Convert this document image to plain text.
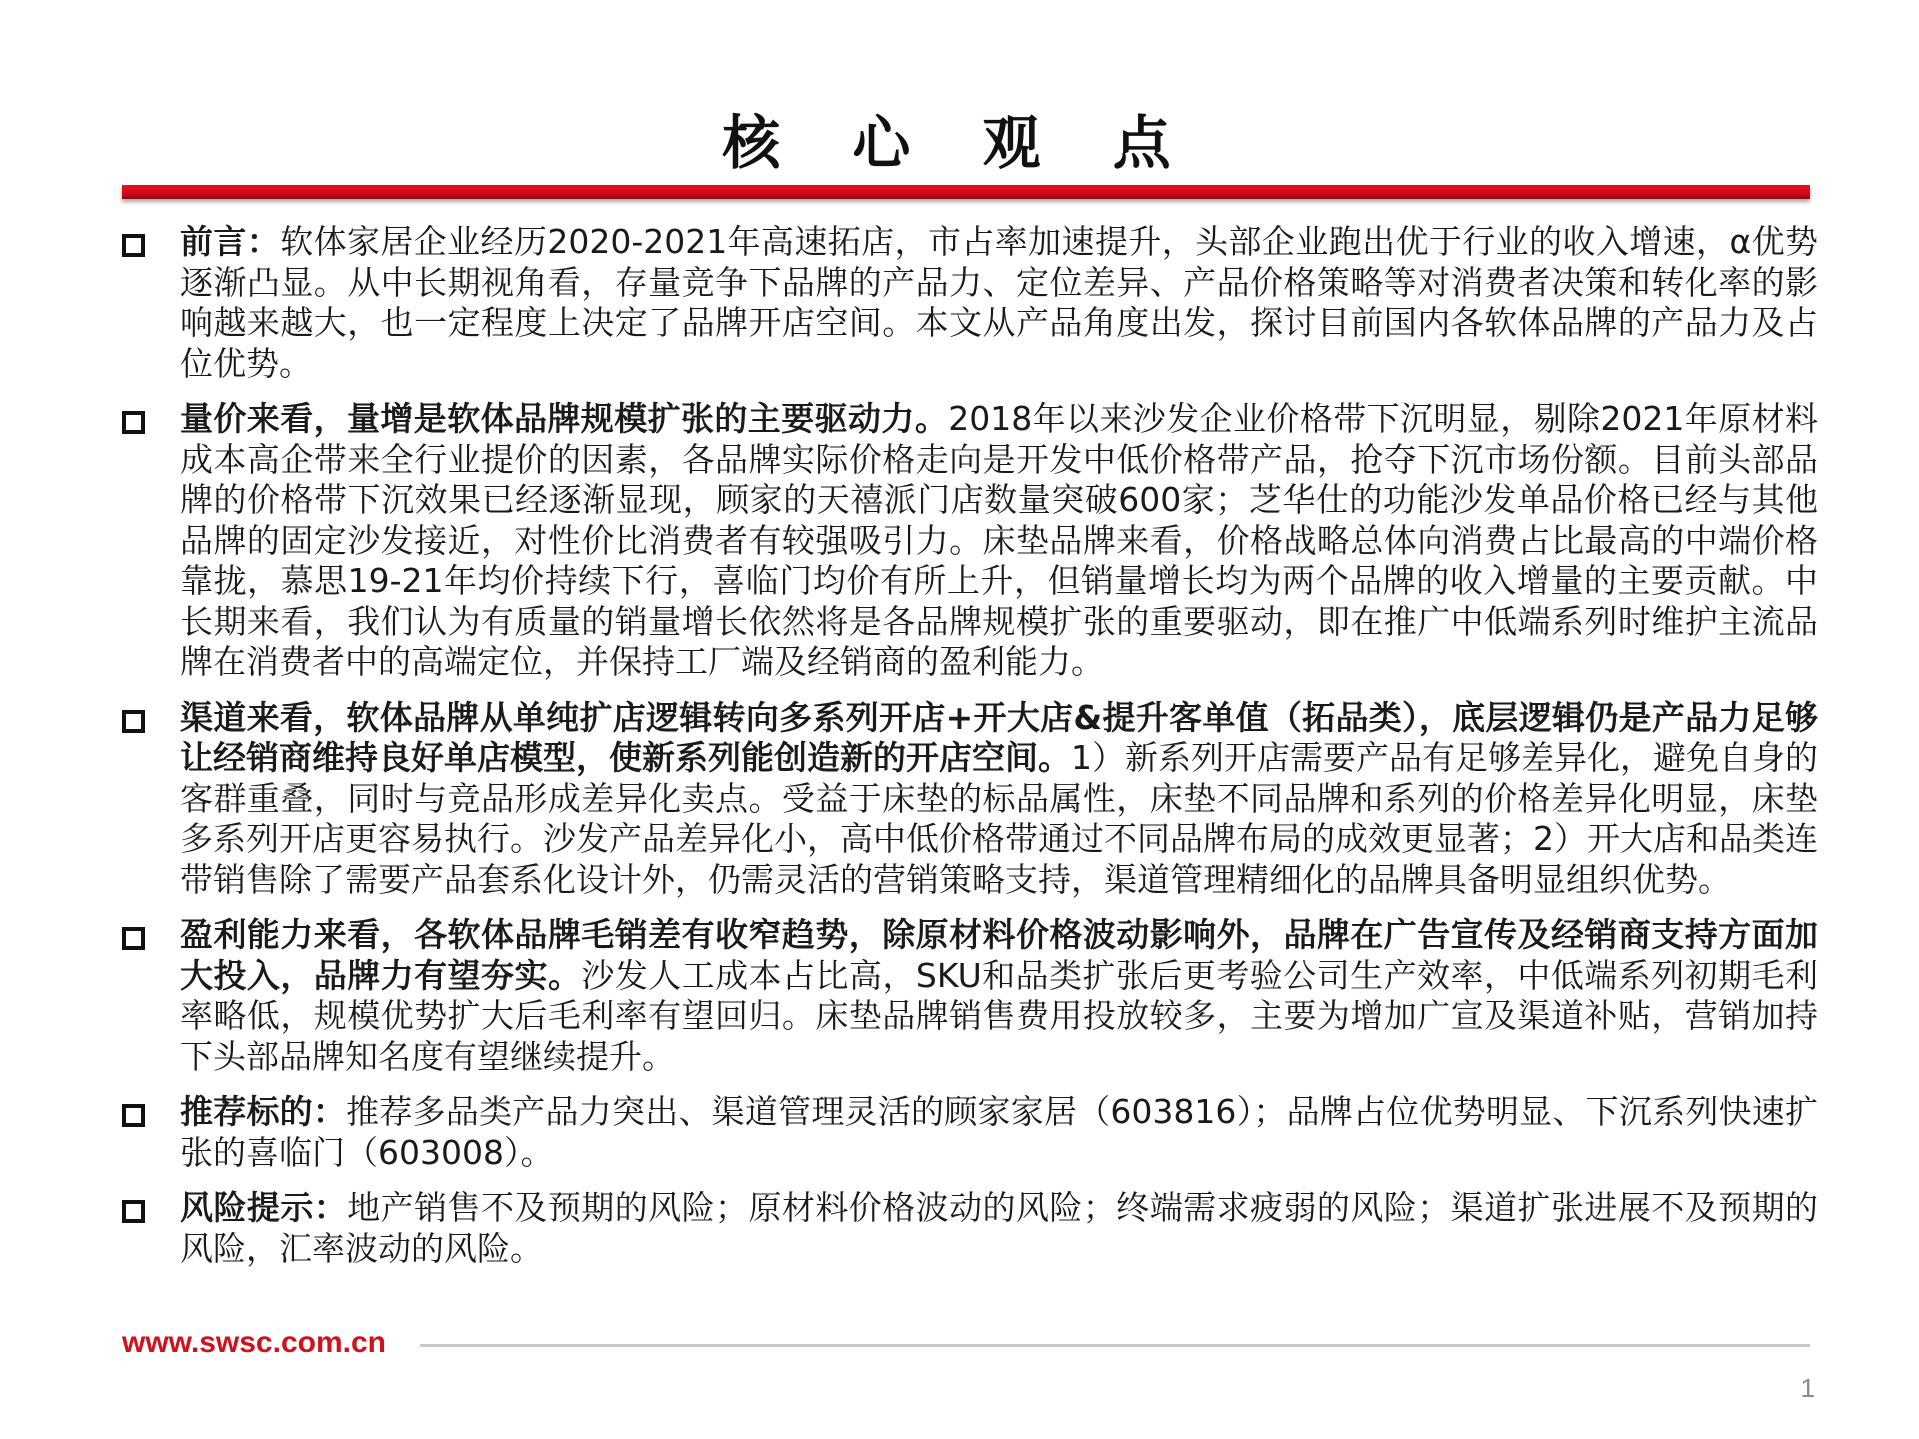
核 心 观 点
前言：软体家居企业经历2020-2021年高速拓店，市占率加速提升，头部企业跑出优于行业的收入增速，α优势逐渐凸显。从中长期视角看，存量竞争下品牌的产品力、定位差异、产品价格策略等对消费者决策和转化率的影响越来越大，也一定程度上决定了品牌开店空间。本文从产品角度出发，探讨目前国内各软体品牌的产品力及占位优势。
量价来看，量增是软体品牌规模扩张的主要驱动力。2018年以来沙发企业价格带下沉明显，剔除2021年原材料成本高企带来全行业提价的因素，各品牌实际价格走向是开发中低价格带产品，抢夺下沉市场份额。目前头部品牌的价格带下沉效果已经逐渐显现，顾家的天禧派门店数量突破600家；芝华仕的功能沙发单品价格已经与其他品牌的固定沙发接近，对性价比消费者有较强吸引力。床垫品牌来看，价格战略总体向消费占比最高的中端价格靠拢，慕思19-21年均价持续下行，喜临门均价有所上升，但销量增长均为两个品牌的收入增量的主要贡献。中长期来看，我们认为有质量的销量增长依然将是各品牌规模扩张的重要驱动，即在推广中低端系列时维护主流品牌在消费者中的高端定位，并保持工厂端及经销商的盈利能力。
渠道来看，软体品牌从单纯扩店逻辑转向多系列开店+开大店&提升客单值（拓品类），底层逻辑仍是产品力足够让经销商维持良好单店模型，使新系列能创造新的开店空间。1）新系列开店需要产品有足够差异化，避免自身的客群重叠，同时与竞品形成差异化卖点。受益于床垫的标品属性，床垫不同品牌和系列的价格差异化明显，床垫多系列开店更容易执行。沙发产品差异化小，高中低价格带通过不同品牌布局的成效更显著；2）开大店和品类连带销售除了需要产品套系化设计外，仍需灵活的营销策略支持，渠道管理精细化的品牌具备明显组织优势。
盈利能力来看，各软体品牌毛销差有收窄趋势，除原材料价格波动影响外，品牌在广告宣传及经销商支持方面加大投入，品牌力有望夯实。沙发人工成本占比高，SKU和品类扩张后更考验公司生产效率，中低端系列初期毛利率略低，规模优势扩大后毛利率有望回归。床垫品牌销售费用投放较多，主要为增加广宣及渠道补贴，营销加持下头部品牌知名度有望继续提升。
推荐标的：推荐多品类产品力突出、渠道管理灵活的顾家家居（603816）；品牌占位优势明显、下沉系列快速扩张的喜临门（603008）。
风险提示：地产销售不及预期的风险；原材料价格波动的风险；终端需求疲弱的风险；渠道扩张进展不及预期的风险，汇率波动的风险。
www.swsc.com.cn
1
